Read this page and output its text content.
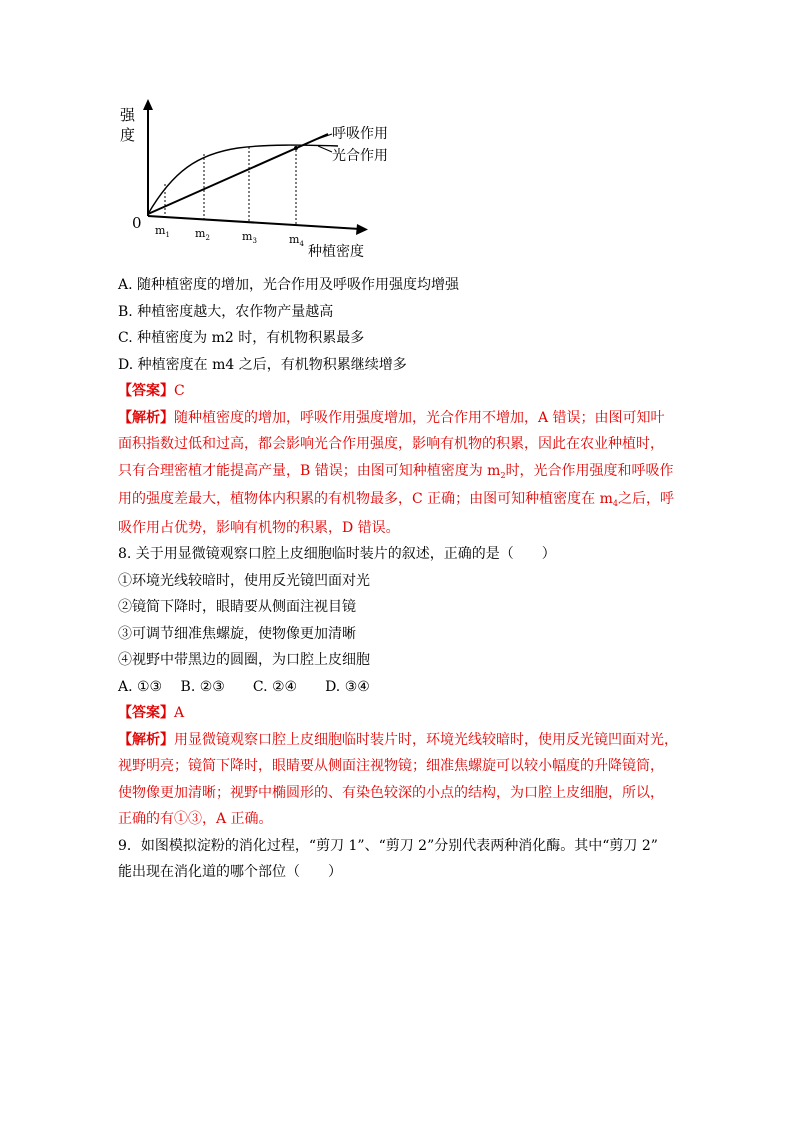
强
度
0
呼吸作用
光合作用
$m_1$ $m_2$	$m_3$	$m_4$ 种植密度
A. 随种植密度的增加，光合作用及呼吸作用强度均增强
B. 种植密度越大，农作物产量越高
C. 种植密度为 m2 时，有机物积累最多
D. 种植密度在 m4 之后，有机物积累继续增多
【答案】C
【解析】随种植密度的增加，呼吸作用强度增加，光合作用不增加，A 错误；由图可知叶
面积指数过低和过高，都会影响光合作用强度，影响有机物的积累，因此在农业种植时，
只有合理密植才能提高产量，B 错误；由图可知种植密度为 $m_2$时，光合作用强度和呼吸作
用的强度差最大，植物体内积累的有机物最多，C 正确；由图可知种植密度在 $m_4$之后，呼
吸作用占优势，影响有机物的积累，D 错误。
8. 关于用显微镜观察口腔上皮细胞临时装片的叙述，正确的是（　　）
①环境光线较暗时，使用反光镜凹面对光
②镜简下降时，眼睛要从侧面注视目镜
③可调节细准焦螺旋，使物像更加清晰
④视野中带黑边的圆圈，为口腔上皮细胞
A. ①③　 B. ②③　　C. ②④　　D. ③④
【答案】A
【解析】用显微镜观察口腔上皮细胞临时装片时，环境光线较暗时，使用反光镜凹面对光，
视野明亮；镜简下降时，眼睛要从侧面注视物镜；细准焦螺旋可以较小幅度的升降镜筒，
使物像更加清晰；视野中椭圆形的、有染色较深的小点的结构，为口腔上皮细胞，所以，
正确的有①③，A 正确。
9．如图模拟淀粉的消化过程，“剪刀 1”、“剪刀 2”分别代表两种消化酶。其中“剪刀 2”
能出现在消化道的哪个部位（　　）
